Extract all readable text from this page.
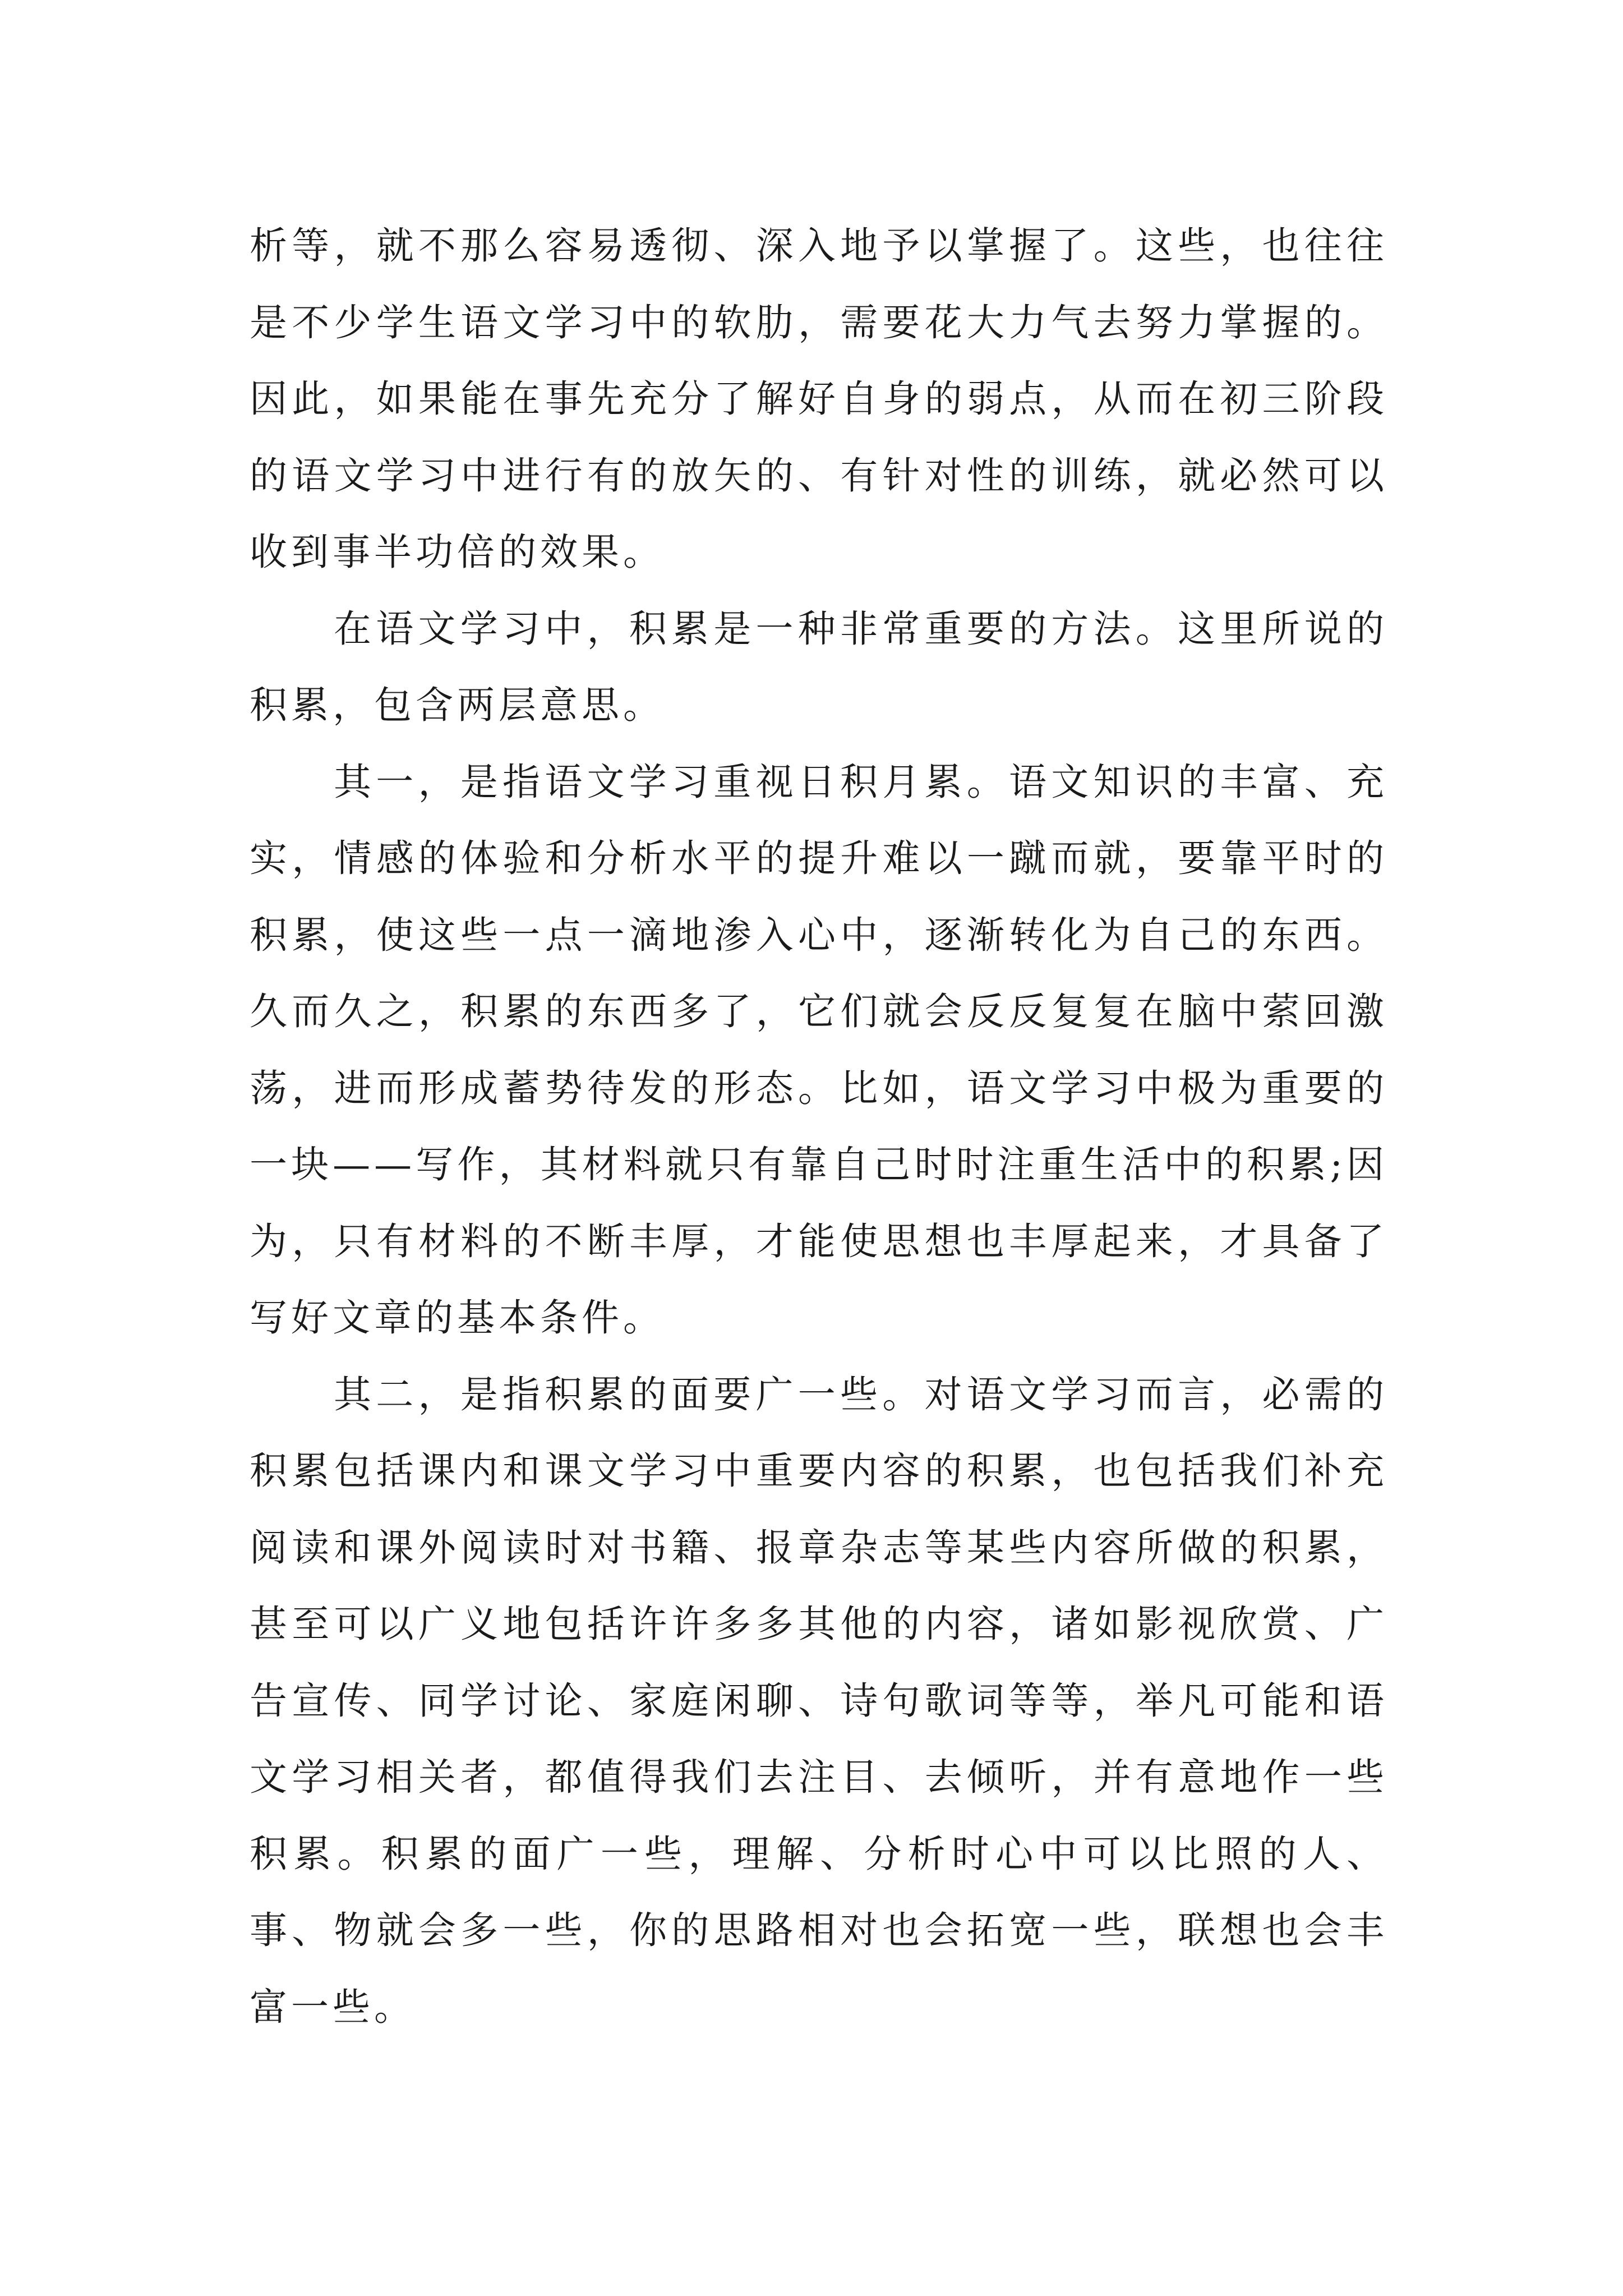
析等，就不那么容易透彻、深入地予以掌握了。这些，也往往是不少学生语文学习中的软肋，需要花大力气去努力掌握的。因此，如果能在事先充分了解好自身的弱点，从而在初三阶段的语文学习中进行有的放矢的、有针对性的训练，就必然可以收到事半功倍的效果。

在语文学习中，积累是一种非常重要的方法。这里所说的积累，包含两层意思。

其一，是指语文学习重视日积月累。语文知识的丰富、充实，情感的体验和分析水平的提升难以一蹴而就，要靠平时的积累，使这些一点一滴地渗入心中，逐渐转化为自己的东西。久而久之，积累的东西多了，它们就会反反复复在脑中萦回激荡，进而形成蓄势待发的形态。比如，语文学习中极为重要的一块——写作，其材料就只有靠自己时时注重生活中的积累;因为，只有材料的不断丰厚，才能使思想也丰厚起来，才具备了写好文章的基本条件。

其二，是指积累的面要广一些。对语文学习而言，必需的积累包括课内和课文学习中重要内容的积累，也包括我们补充阅读和课外阅读时对书籍、报章杂志等某些内容所做的积累，甚至可以广义地包括许许多多其他的内容，诸如影视欣赏、广告宣传、同学讨论、家庭闲聊、诗句歌词等等，举凡可能和语文学习相关者，都值得我们去注目、去倾听，并有意地作一些积累。积累的面广一些，理解、分析时心中可以比照的人、事、物就会多一些，你的思路相对也会拓宽一些，联想也会丰富一些。
